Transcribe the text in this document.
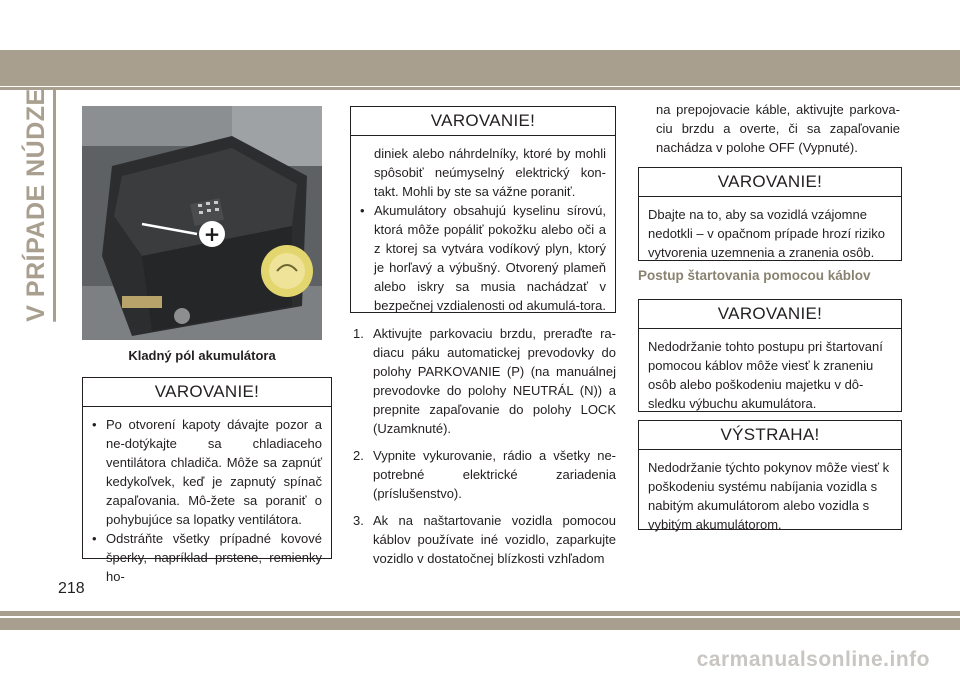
V PRÍPADE NÚDZE	+
Kladný pól akumulátora
VAROVANIE!

• Po otvorení kapoty dávajte pozor a ne-dotýkajte sa chladiaceho ventilátora chladiča. Môže sa zapnúť kedykoľvek, keď je zapnutý spínač zapaľovania. Mô-žete sa poraniť o pohybujúce sa lopatky ventilátora.

• Odstráňte všetky prípadné kovové šperky, napríklad prstene, remienky ho-

VAROVANIE!

diniek alebo náhrdelníky, ktoré by mohli spôsobiť neúmyselný elektrický kon-takt. Mohli by ste sa vážne poraniť.

• Akumulátory obsahujú kyselinu sírovú, ktorá môže popáliť pokožku alebo oči a z ktorej sa vytvára vodíkový plyn, ktorý je horľavý a výbušný. Otvorený plameň alebo iskry sa musia nachádzať v bezpečnej vzdialenosti od akumulá-tora.

1. Aktivujte parkovaciu brzdu, preraďte ra-diacu páku automatickej prevodovky do polohy PARKOVANIE (P) (na manuálnej prevodovke do polohy NEUTRÁL (N)) a prepnite zapaľovanie do polohy LOCK (Uzamknuté).
2. Vypnite vykurovanie, rádio a všetky ne-potrebné elektrické zariadenia (príslušenstvo).
3. Ak na naštartovanie vozidla pomocou káblov používate iné vozidlo, zaparkujte vozidlo v dostatočnej blízkosti vzhľadom
na prepojovacie káble, aktivujte parkova-ciu brzdu a overte, či sa zapaľovanie nachádza v polohe OFF (Vypnuté).
VAROVANIE!

Dbajte na to, aby sa vozidlá vzájomne nedotkli – v opačnom prípade hrozí riziko vytvorenia uzemnenia a zranenia osôb.

Postup štartovania pomocou káblov
VAROVANIE!

Nedodržanie tohto postupu pri štartovaní pomocou káblov môže viesť k zraneniu osôb alebo poškodeniu majetku v dô-sledku výbuchu akumulátora.

VÝSTRAHA!

Nedodržanie týchto pokynov môže viesť k poškodeniu systému nabíjania vozidla s nabitým akumulátorom alebo vozidla s vybitým akumulátorom.

218
carmanualsonline.info
